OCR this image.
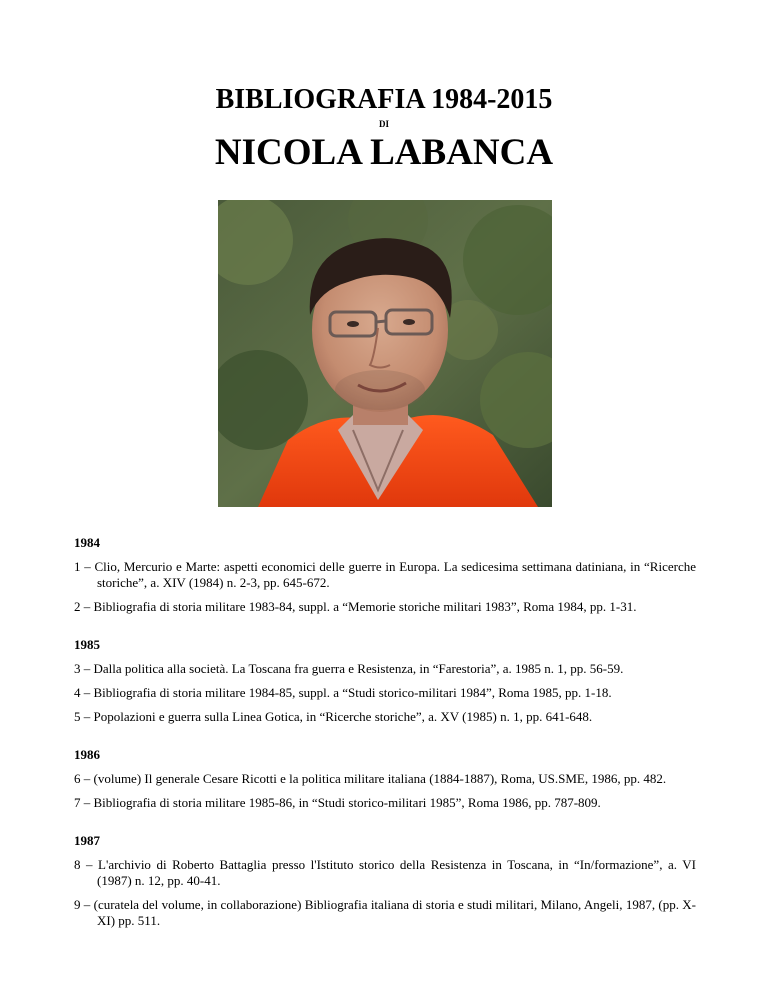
BIBLIOGRAFIA 1984-2015
DI
NICOLA LABANCA

1984

1 – Clio, Mercurio e Marte: aspetti economici delle guerre in Europa. La sedicesima settimana datiniana, in “Ricerche storiche”, a. XIV (1984) n. 2-3, pp. 645-672.

2 – Bibliografia di storia militare 1983-84, suppl. a “Memorie storiche militari 1983”, Roma 1984, pp. 1-31.

1985

3 – Dalla politica alla società. La Toscana fra guerra e Resistenza, in “Farestoria”, a. 1985 n. 1, pp. 56-59.

4 – Bibliografia di storia militare 1984-85, suppl. a “Studi storico-militari 1984”, Roma 1985, pp. 1-18.

5 – Popolazioni e guerra sulla Linea Gotica, in “Ricerche storiche”, a. XV (1985) n. 1, pp. 641-648.

1986

6 – (volume) Il generale Cesare Ricotti e la politica militare italiana (1884-1887), Roma, US.SME, 1986, pp. 482.

7 – Bibliografia di storia militare 1985-86, in “Studi storico-militari 1985”, Roma 1986, pp. 787-809.

1987

8 – L'archivio di Roberto Battaglia presso l'Istituto storico della Resistenza in Toscana, in “In/formazione”, a. VI (1987) n. 12, pp. 40-41.

9 – (curatela del volume, in collaborazione) Bibliografia italiana di storia e studi militari, Milano, Angeli, 1987, (pp. X-XI) pp. 511.
